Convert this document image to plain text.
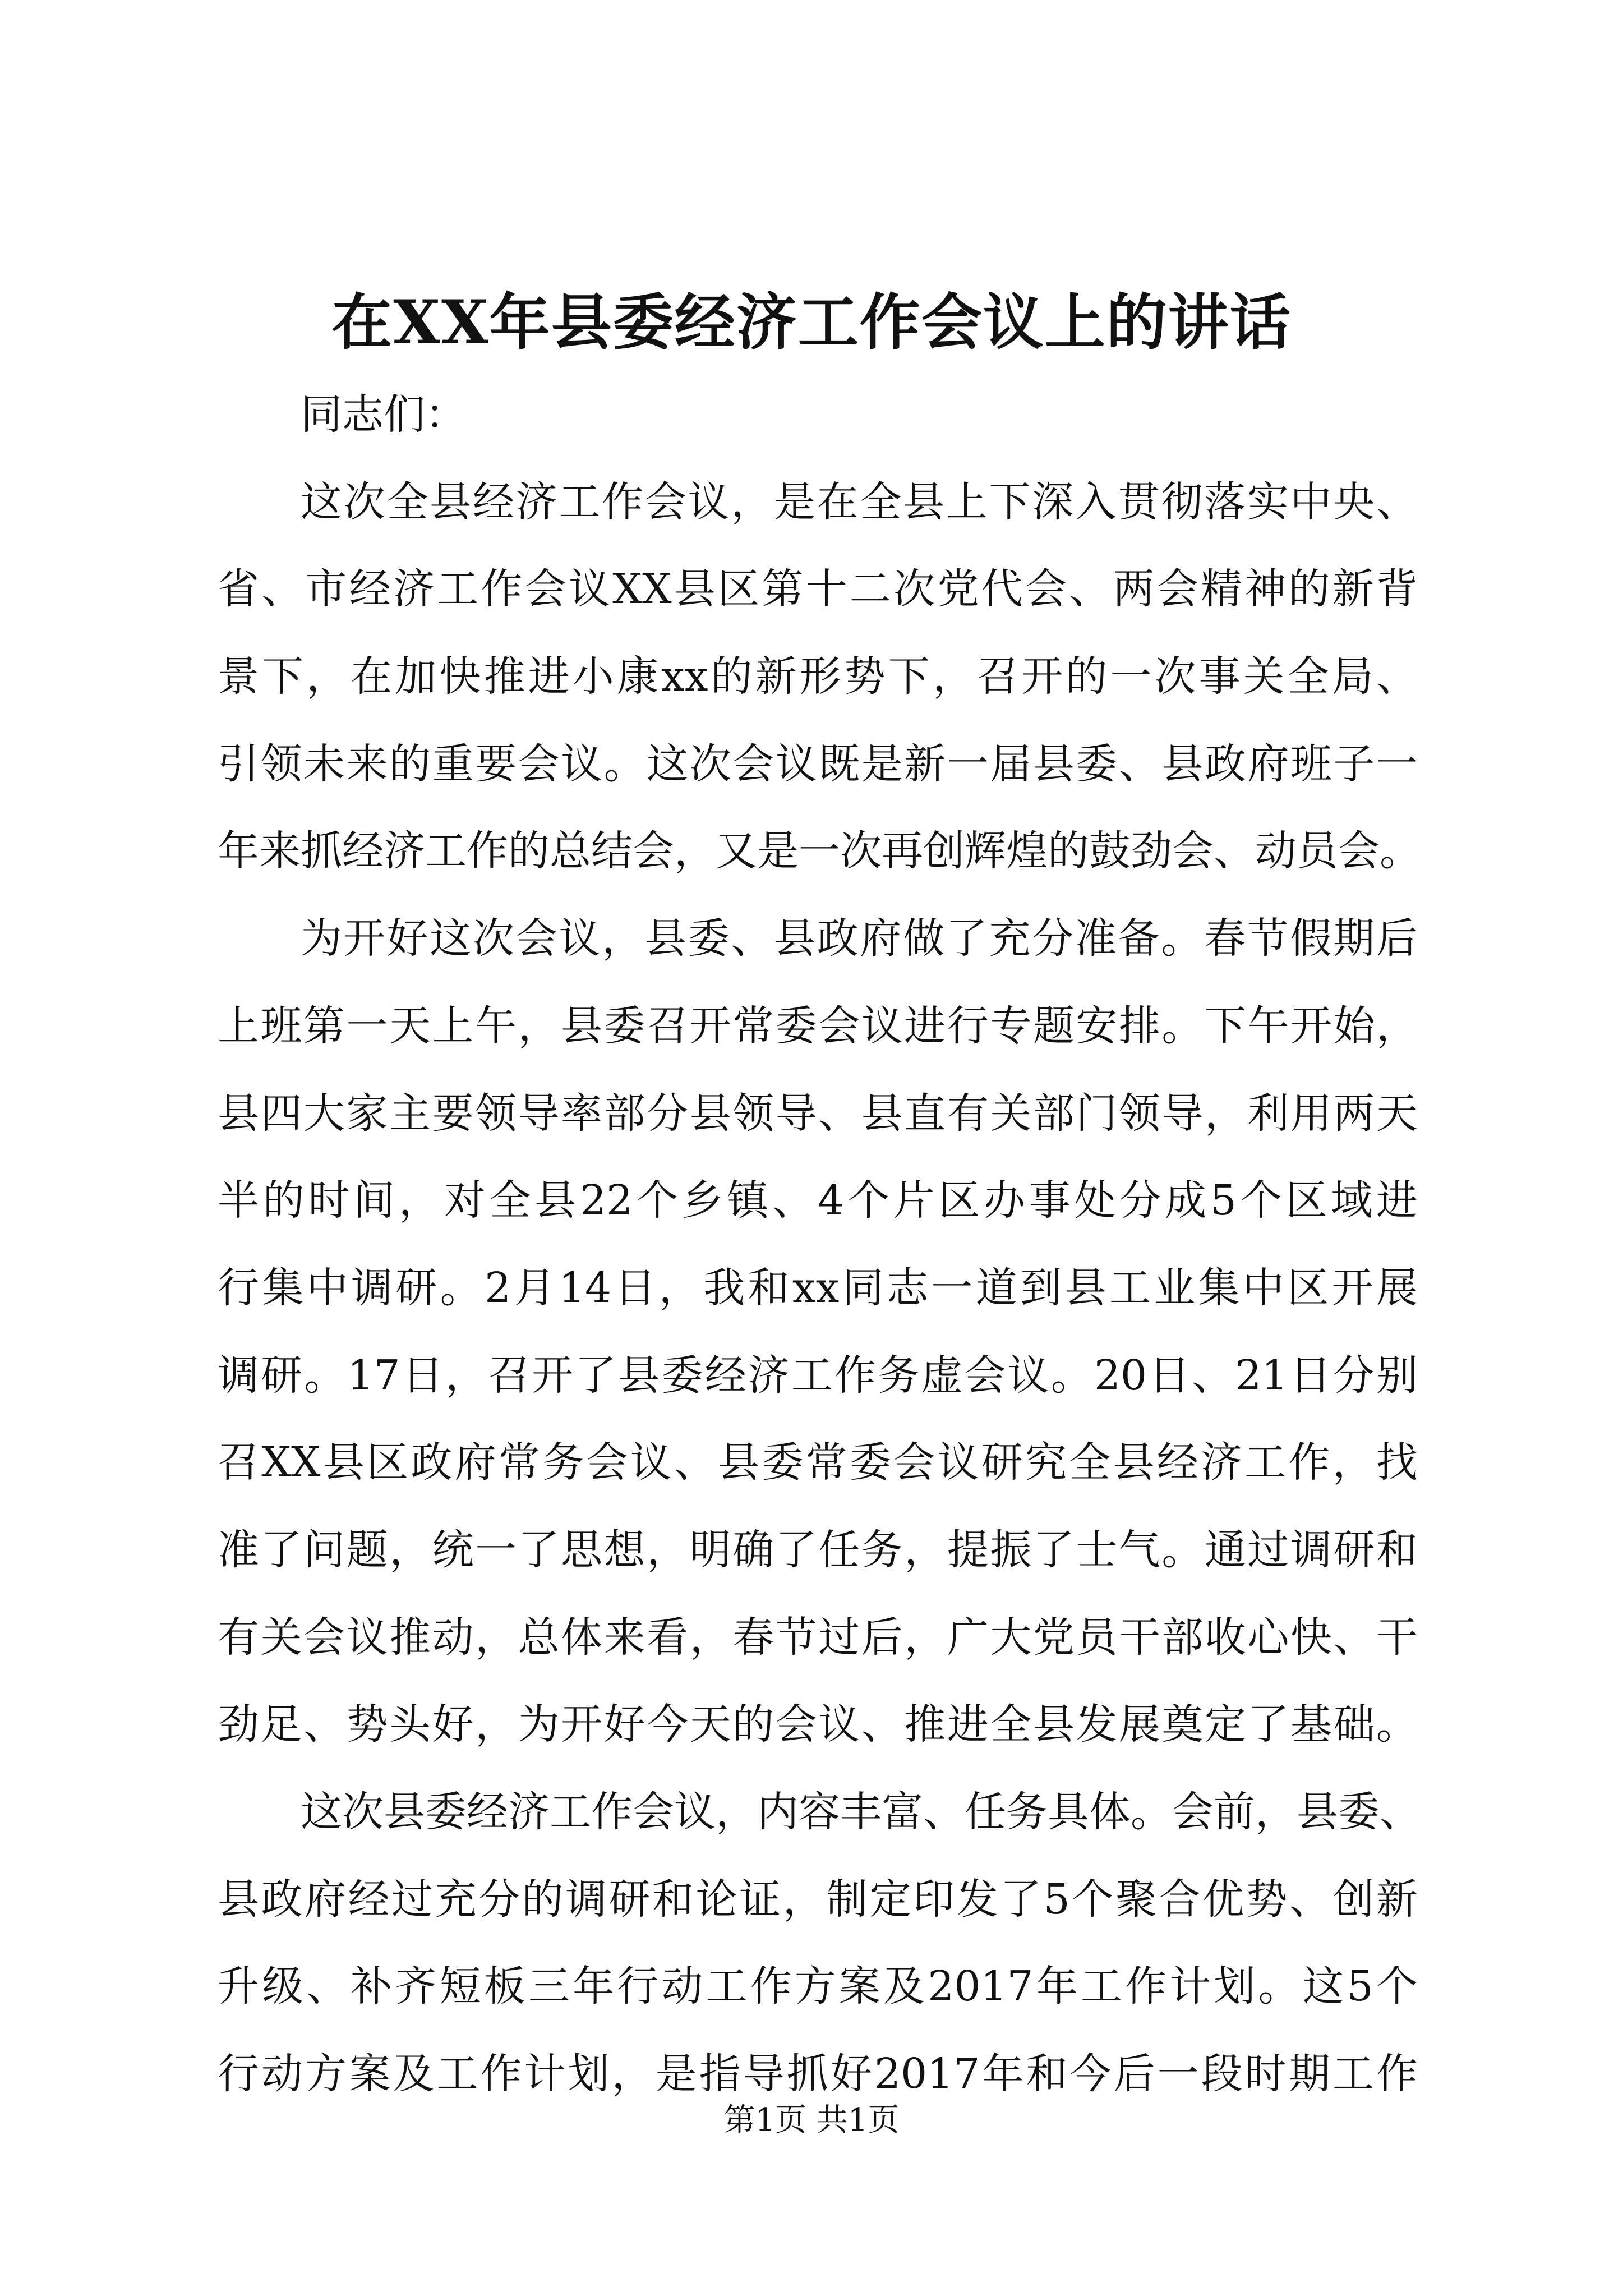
在XX年县委经济工作会议上的讲话
同志们：
这次全县经济工作会议，是在全县上下深入贯彻落实中央、
省、市经济工作会议XX县区第十二次党代会、两会精神的新背
景下，在加快推进小康xx的新形势下，召开的一次事关全局、
引领未来的重要会议。这次会议既是新一届县委、县政府班子一
年来抓经济工作的总结会，又是一次再创辉煌的鼓劲会、动员会。
为开好这次会议，县委、县政府做了充分准备。春节假期后
上班第一天上午，县委召开常委会议进行专题安排。下午开始，
县四大家主要领导率部分县领导、县直有关部门领导，利用两天
半的时间，对全县22个乡镇、4个片区办事处分成5个区域进
行集中调研。2月14日，我和xx同志一道到县工业集中区开展
调研。17日，召开了县委经济工作务虚会议。20日、21日分别
召XX县区政府常务会议、县委常委会议研究全县经济工作，找
准了问题，统一了思想，明确了任务，提振了士气。通过调研和
有关会议推动，总体来看，春节过后，广大党员干部收心快、干
劲足、势头好，为开好今天的会议、推进全县发展奠定了基础。
这次县委经济工作会议，内容丰富、任务具体。会前，县委、
县政府经过充分的调研和论证，制定印发了5个聚合优势、创新
升级、补齐短板三年行动工作方案及2017年工作计划。这5个
行动方案及工作计划，是指导抓好2017年和今后一段时期工作
第1页 共1页
